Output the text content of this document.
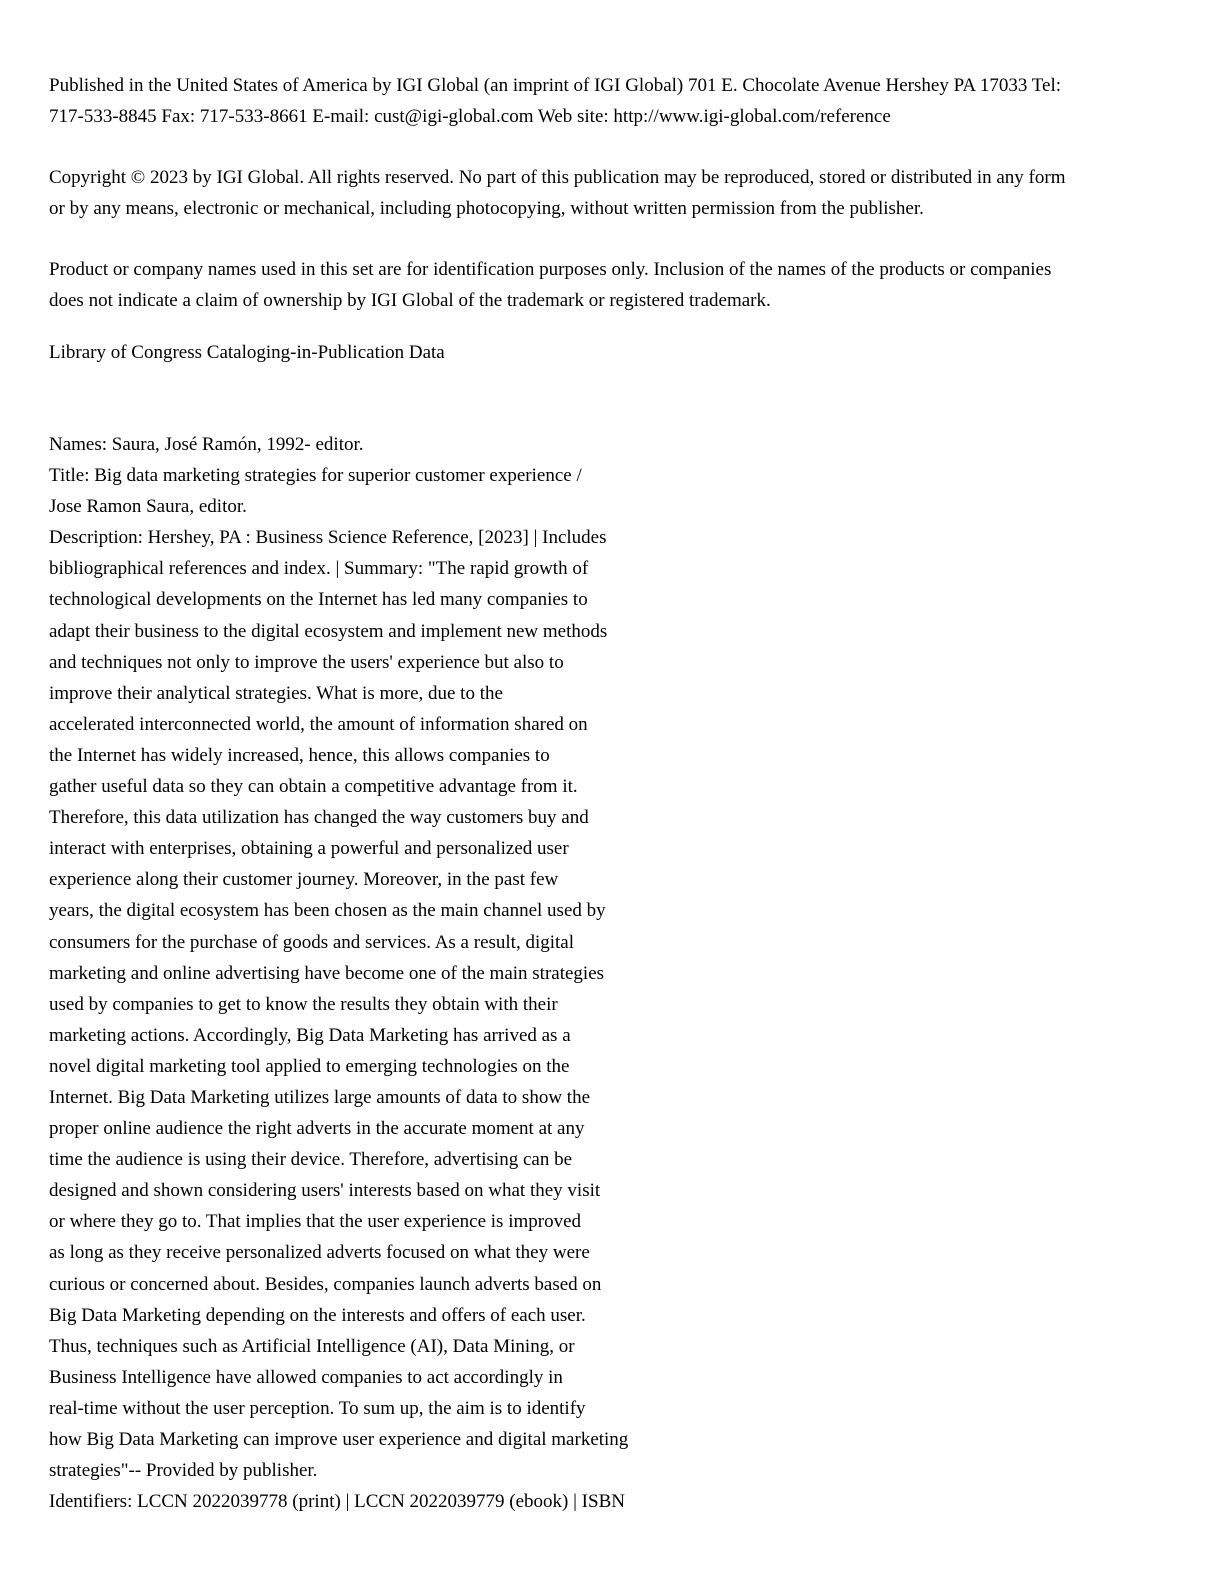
Published in the United States of America by IGI Global (an imprint of IGI Global) 701 E. Chocolate Avenue Hershey PA 17033 Tel:
717-533-8845 Fax: 717-533-8661 E-mail: cust@igi-global.com Web site: http://www.igi-global.com/reference

Copyright © 2023 by IGI Global. All rights reserved. No part of this publication may be reproduced, stored or distributed in any form
or by any means, electronic or mechanical, including photocopying, without written permission from the publisher.

Product or company names used in this set are for identification purposes only. Inclusion of the names of the products or companies
does not indicate a claim of ownership by IGI Global of the trademark or registered trademark.

Library of Congress Cataloging-in-Publication Data

Names: Saura, José Ramón, 1992- editor.
Title: Big data marketing strategies for superior customer experience /
Jose Ramon Saura, editor.
Description: Hershey, PA : Business Science Reference, [2023] | Includes
bibliographical references and index. | Summary: "The rapid growth of
technological developments on the Internet has led many companies to
adapt their business to the digital ecosystem and implement new methods
and techniques not only to improve the users' experience but also to
improve their analytical strategies. What is more, due to the
accelerated interconnected world, the amount of information shared on
the Internet has widely increased, hence, this allows companies to
gather useful data so they can obtain a competitive advantage from it.
Therefore, this data utilization has changed the way customers buy and
interact with enterprises, obtaining a powerful and personalized user
experience along their customer journey. Moreover, in the past few
years, the digital ecosystem has been chosen as the main channel used by
consumers for the purchase of goods and services. As a result, digital
marketing and online advertising have become one of the main strategies
used by companies to get to know the results they obtain with their
marketing actions. Accordingly, Big Data Marketing has arrived as a
novel digital marketing tool applied to emerging technologies on the
Internet. Big Data Marketing utilizes large amounts of data to show the
proper online audience the right adverts in the accurate moment at any
time the audience is using their device. Therefore, advertising can be
designed and shown considering users' interests based on what they visit
or where they go to. That implies that the user experience is improved
as long as they receive personalized adverts focused on what they were
curious or concerned about. Besides, companies launch adverts based on
Big Data Marketing depending on the interests and offers of each user.
Thus, techniques such as Artificial Intelligence (AI), Data Mining, or
Business Intelligence have allowed companies to act accordingly in
real-time without the user perception. To sum up, the aim is to identify
how Big Data Marketing can improve user experience and digital marketing
strategies"-- Provided by publisher.
Identifiers: LCCN 2022039778 (print) | LCCN 2022039779 (ebook) | ISBN
